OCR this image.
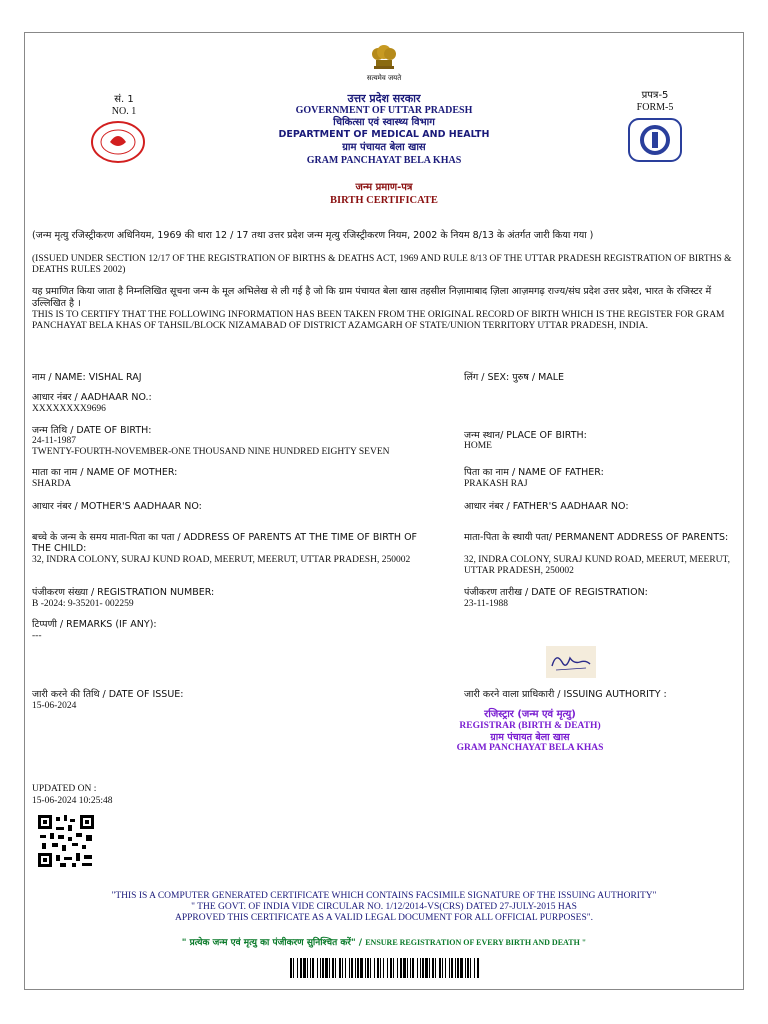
सत्यमेव जयते
सं. 1
NO. 1
प्रपत्र-5
FORM-5
उत्तर प्रदेश सरकार
GOVERNMENT OF UTTAR PRADESH
चिकित्सा एवं स्वास्थ्य विभाग
DEPARTMENT OF MEDICAL AND HEALTH
ग्राम पंचायत बेला खास
GRAM PANCHAYAT BELA KHAS
जन्म प्रमाण-पत्र
BIRTH CERTIFICATE
(जन्म मृत्यु रजिस्ट्रीकरण अधिनियम, 1969 की धारा 12 / 17 तथा उत्तर प्रदेश जन्म मृत्यु रजिस्ट्रीकरण नियम, 2002 के नियम 8/13 के अंतर्गत जारी किया गया )
(ISSUED UNDER SECTION 12/17 OF THE REGISTRATION OF BIRTHS & DEATHS ACT, 1969 AND RULE 8/13 OF THE UTTAR PRADESH REGISTRATION OF BIRTHS & DEATHS RULES 2002)
यह प्रमाणित किया जाता है निम्नलिखित सूचना जन्म के मूल अभिलेख से ली गई है जो कि ग्राम पंचायत बेला खास तहसील निज़ामाबाद ज़िला आज़मगढ़ राज्य/संघ प्रदेश उत्तर प्रदेश, भारत के रजिस्टर में उल्लिखित है ।
THIS IS TO CERTIFY THAT THE FOLLOWING INFORMATION HAS BEEN TAKEN FROM THE ORIGINAL RECORD OF BIRTH WHICH IS THE REGISTER FOR GRAM PANCHAYAT BELA KHAS OF TAHSIL/BLOCK NIZAMABAD OF DISTRICT AZAMGARH OF STATE/UNION TERRITORY UTTAR PRADESH, INDIA.
नाम / NAME: VISHAL RAJ	लिंग / SEX: पुरुष / MALE
आधार नंबर / AADHAAR NO.:
XXXXXXXX9696
जन्म तिथि / DATE OF BIRTH:
24-11-1987
TWENTY-FOURTH-NOVEMBER-ONE THOUSAND NINE HUNDRED EIGHTY SEVEN
जन्म स्थान/ PLACE OF BIRTH:
HOME
माता का नाम / NAME OF MOTHER:
SHARDA
पिता का नाम / NAME OF FATHER:
PRAKASH RAJ
आधार नंबर / MOTHER'S AADHAAR NO:	आधार नंबर / FATHER'S AADHAAR NO:
बच्चे के जन्म के समय माता-पिता का पता / ADDRESS OF PARENTS AT THE TIME OF BIRTH OF THE CHILD:
32, INDRA COLONY, SURAJ KUND ROAD, MEERUT, MEERUT, UTTAR PRADESH, 250002
माता-पिता के स्थायी पता/ PERMANENT ADDRESS OF PARENTS:
32, INDRA COLONY, SURAJ KUND ROAD, MEERUT, MEERUT, UTTAR PRADESH, 250002
पंजीकरण संख्या / REGISTRATION NUMBER:
B -2024: 9-35201- 002259
पंजीकरण तारीख / DATE OF REGISTRATION:
23-11-1988
टिप्पणी / REMARKS (IF ANY):
---
जारी करने की तिथि / DATE OF ISSUE:
15-06-2024
जारी करने वाला प्राधिकारी / ISSUING AUTHORITY :
रजिस्ट्रार (जन्म एवं मृत्यु)
REGISTRAR (BIRTH & DEATH)
ग्राम पंचायत बेला खास
GRAM PANCHAYAT BELA KHAS
UPDATED ON :
15-06-2024 10:25:48
"THIS IS A COMPUTER GENERATED CERTIFICATE WHICH CONTAINS FACSIMILE SIGNATURE OF THE ISSUING AUTHORITY"
" THE GOVT. OF INDIA VIDE CIRCULAR NO. 1/12/2014-VS(CRS) DATED 27-JULY-2015 HAS
APPROVED THIS CERTIFICATE AS A VALID LEGAL DOCUMENT FOR ALL OFFICIAL PURPOSES".
" प्रत्येक जन्म एवं मृत्यु का पंजीकरण सुनिश्चित करें" / ENSURE REGISTRATION OF EVERY BIRTH AND DEATH "
